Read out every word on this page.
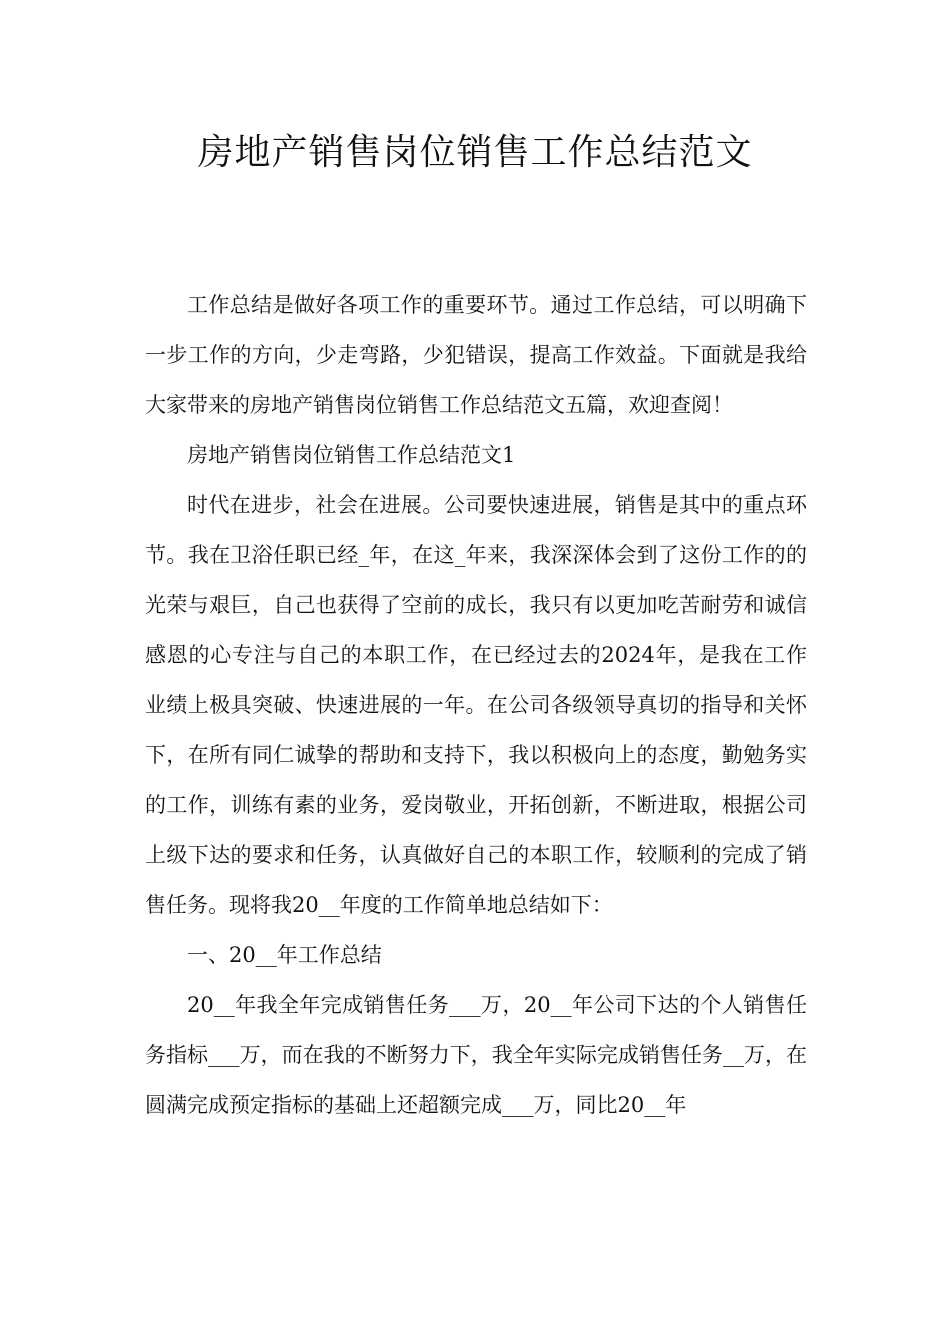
房地产销售岗位销售工作总结范文

工作总结是做好各项工作的重要环节。通过工作总结，可以明确下一步工作的方向，少走弯路，少犯错误，提高工作效益。下面就是我给大家带来的房地产销售岗位销售工作总结范文五篇，欢迎查阅！

房地产销售岗位销售工作总结范文1

时代在进步，社会在进展。公司要快速进展，销售是其中的重点环节。我在卫浴任职已经_年，在这_年来，我深深体会到了这份工作的的光荣与艰巨，自己也获得了空前的成长，我只有以更加吃苦耐劳和诚信感恩的心专注与自己的本职工作，在已经过去的2024年，是我在工作业绩上极具突破、快速进展的一年。在公司各级领导真切的指导和关怀下，在所有同仁诚挚的帮助和支持下，我以积极向上的态度，勤勉务实的工作，训练有素的业务，爱岗敬业，开拓创新，不断进取，根据公司上级下达的要求和任务，认真做好自己的本职工作，较顺利的完成了销售任务。现将我20__年度的工作简单地总结如下：

一、20__年工作总结

20__年我全年完成销售任务___万，20__年公司下达的个人销售任务指标___万，而在我的不断努力下，我全年实际完成销售任务__万，在圆满完成预定指标的基础上还超额完成___万，同比20__年
